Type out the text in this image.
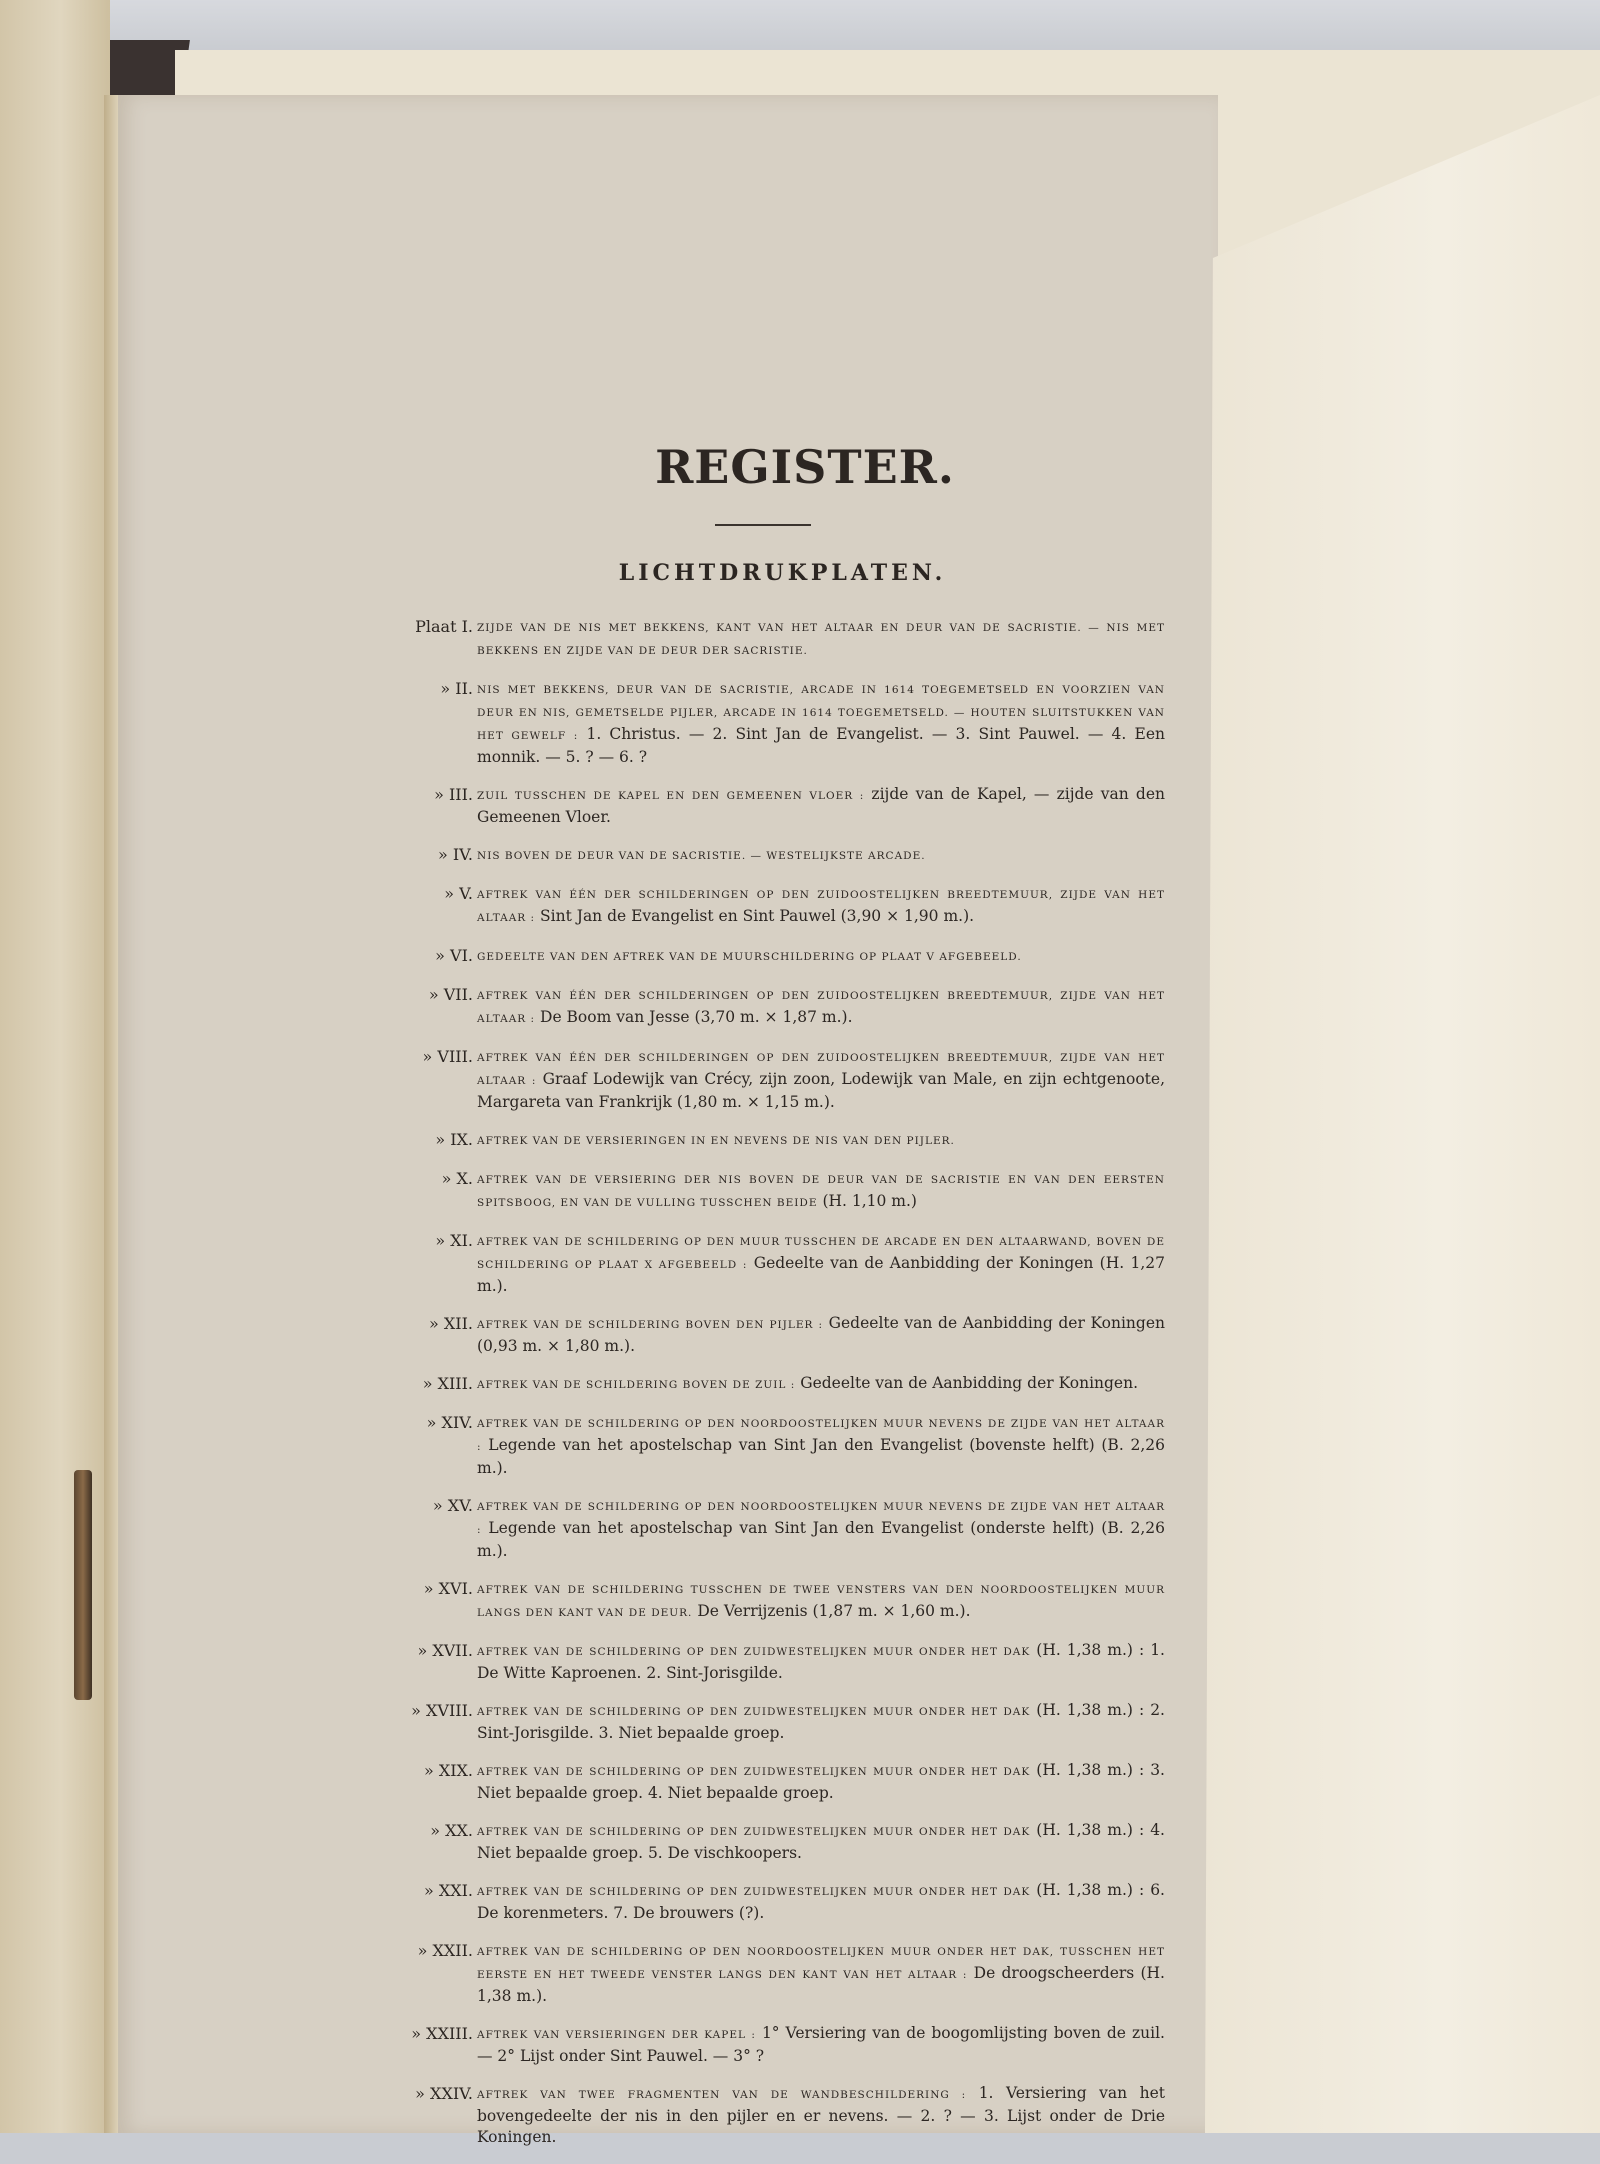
REGISTER.
LICHTDRUKPLATEN.
Plaat I. ZIJDE VAN DE NIS MET BEKKENS, KANT VAN HET ALTAAR EN DEUR VAN DE SACRISTIE. — NIS MET BEKKENS EN ZIJDE VAN DE DEUR DER SACRISTIE.
» II. NIS MET BEKKENS, DEUR VAN DE SACRISTIE, ARCADE IN 1614 TOEGEMETSELD EN VOORZIEN VAN DEUR EN NIS, GEMETSELDE PIJLER, ARCADE IN 1614 TOEGEMETSELD. — HOUTEN SLUITSTUKKEN VAN HET GEWELF : 1. Christus. — 2. Sint Jan de Evangelist. — 3. Sint Pauwel. — 4. Een monnik. — 5. ? — 6. ?
» III. ZUIL TUSSCHEN DE KAPEL EN DEN GEMEENEN VLOER : zijde van de Kapel, — zijde van den Gemeenen Vloer.
» IV. NIS BOVEN DE DEUR VAN DE SACRISTIE. — WESTELIJKSTE ARCADE.
» V. AFTREK VAN ÉÉN DER SCHILDERINGEN OP DEN ZUIDOOSTELIJKEN BREEDTEMUUR, ZIJDE VAN HET ALTAAR : Sint Jan de Evangelist en Sint Pauwel (3,90 × 1,90 m.).
» VI. GEDEELTE VAN DEN AFTREK VAN DE MUURSCHILDERING OP PLAAT V AFGEBEELD.
» VII. AFTREK VAN ÉÉN DER SCHILDERINGEN OP DEN ZUIDOOSTELIJKEN BREEDTEMUUR, ZIJDE VAN HET ALTAAR : De Boom van Jesse (3,70 m. × 1,87 m.).
» VIII. AFTREK VAN ÉÉN DER SCHILDERINGEN OP DEN ZUIDOOSTELIJKEN BREEDTEMUUR, ZIJDE VAN HET ALTAAR : Graaf Lodewijk van Crécy, zijn zoon, Lodewijk van Male, en zijn echtgenoote, Margareta van Frankrijk (1,80 m. × 1,15 m.).
» IX. AFTREK VAN DE VERSIERINGEN IN EN NEVENS DE NIS VAN DEN PIJLER.
» X. AFTREK VAN DE VERSIERING DER NIS BOVEN DE DEUR VAN DE SACRISTIE EN VAN DEN EERSTEN SPITSBOOG, EN VAN DE VULLING TUSSCHEN BEIDE (H. 1,10 m.)
» XI. AFTREK VAN DE SCHILDERING OP DEN MUUR TUSSCHEN DE ARCADE EN DEN ALTAARWAND, BOVEN DE SCHILDERING OP PLAAT X AFGEBEELD : Gedeelte van de Aanbidding der Koningen (H. 1,27 m.).
» XII. AFTREK VAN DE SCHILDERING BOVEN DEN PIJLER : Gedeelte van de Aanbidding der Koningen (0,93 m. × 1,80 m.).
» XIII. AFTREK VAN DE SCHILDERING BOVEN DE ZUIL : Gedeelte van de Aanbidding der Koningen.
» XIV. AFTREK VAN DE SCHILDERING OP DEN NOORDOOSTELIJKEN MUUR NEVENS DE ZIJDE VAN HET ALTAAR : Legende van het apostelschap van Sint Jan den Evangelist (bovenste helft) (B. 2,26 m.).
» XV. AFTREK VAN DE SCHILDERING OP DEN NOORDOOSTELIJKEN MUUR NEVENS DE ZIJDE VAN HET ALTAAR : Legende van het apostelschap van Sint Jan den Evangelist (onderste helft) (B. 2,26 m.).
» XVI. AFTREK VAN DE SCHILDERING TUSSCHEN DE TWEE VENSTERS VAN DEN NOORDOOSTELIJKEN MUUR LANGS DEN KANT VAN DE DEUR. De Verrijzenis (1,87 m. × 1,60 m.).
» XVII. AFTREK VAN DE SCHILDERING OP DEN ZUIDWESTELIJKEN MUUR ONDER HET DAK (H. 1,38 m.) : 1. De Witte Kaproenen. 2. Sint-Jorisgilde.
» XVIII. AFTREK VAN DE SCHILDERING OP DEN ZUIDWESTELIJKEN MUUR ONDER HET DAK (H. 1,38 m.) : 2. Sint-Jorisgilde. 3. Niet bepaalde groep.
» XIX. AFTREK VAN DE SCHILDERING OP DEN ZUIDWESTELIJKEN MUUR ONDER HET DAK (H. 1,38 m.) : 3. Niet bepaalde groep. 4. Niet bepaalde groep.
» XX. AFTREK VAN DE SCHILDERING OP DEN ZUIDWESTELIJKEN MUUR ONDER HET DAK (H. 1,38 m.) : 4. Niet bepaalde groep. 5. De vischkoopers.
» XXI. AFTREK VAN DE SCHILDERING OP DEN ZUIDWESTELIJKEN MUUR ONDER HET DAK (H. 1,38 m.) : 6. De korenmeters. 7. De brouwers (?).
» XXII. AFTREK VAN DE SCHILDERING OP DEN NOORDOOSTELIJKEN MUUR ONDER HET DAK, TUSSCHEN HET EERSTE EN HET TWEEDE VENSTER LANGS DEN KANT VAN HET ALTAAR : De droogscheerders (H. 1,38 m.).
» XXIII. AFTREK VAN VERSIERINGEN DER KAPEL : 1° Versiering van de boogomlijsting boven de zuil. — 2° Lijst onder Sint Pauwel. — 3° ?
» XXIV. AFTREK VAN TWEE FRAGMENTEN VAN DE WANDBESCHILDERING : 1. Versiering van het bovengedeelte der nis in den pijler en er nevens. — 2. ? — 3. Lijst onder de Drie Koningen.
